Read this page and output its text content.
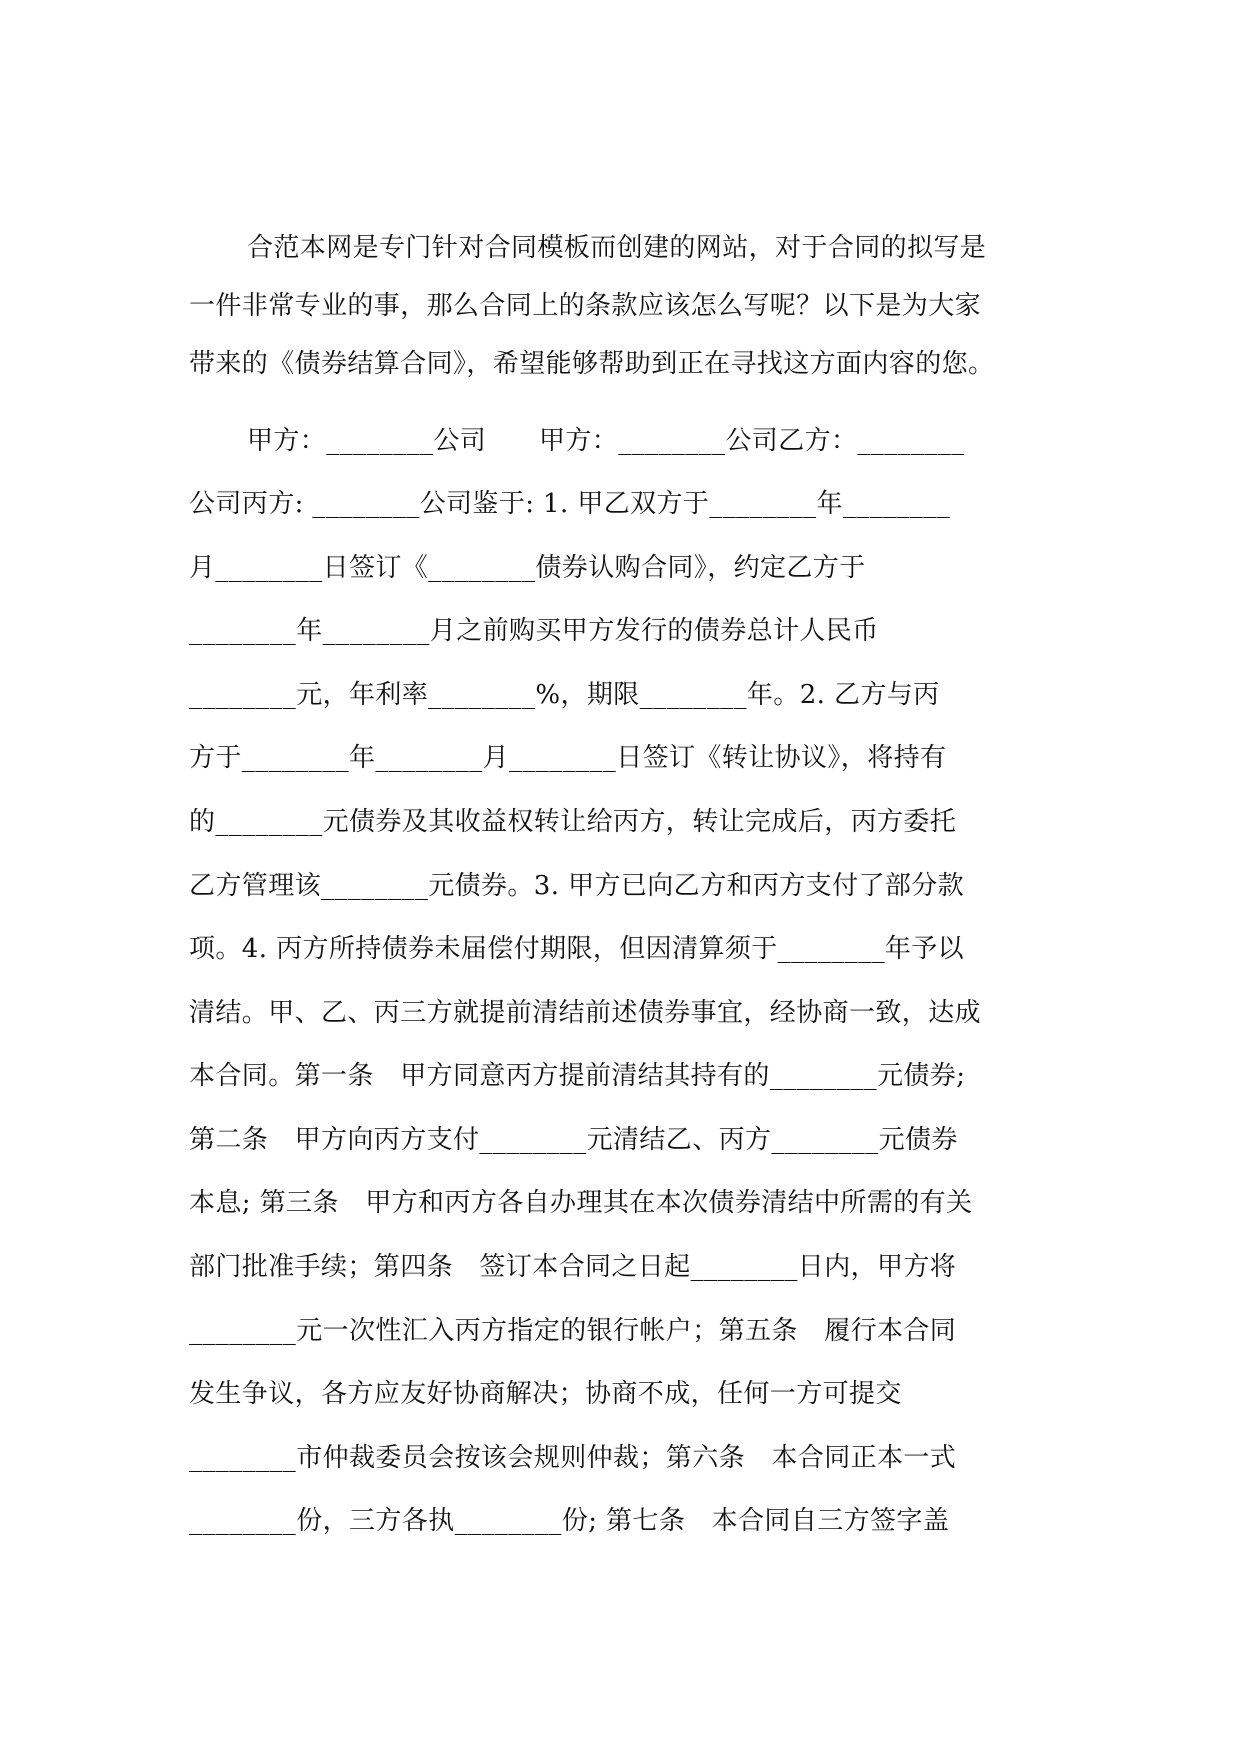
合范本网是专门针对合同模板而创建的网站，对于合同的拟写是
一件非常专业的事，那么合同上的条款应该怎么写呢？以下是为大家
带来的《债券结算合同》，希望能够帮助到正在寻找这方面内容的您。
甲方：________公司　　甲方：________公司乙方：________
公司丙方: ________公司鉴于: 1. 甲乙双方于________年________
月________日签订《________债券认购合同》，约定乙方于
________年________月之前购买甲方发行的债券总计人民币
________元，年利率________%，期限________年。2. 乙方与丙
方于________年________月________日签订《转让协议》，将持有
的________元债券及其收益权转让给丙方，转让完成后，丙方委托
乙方管理该________元债券。3. 甲方已向乙方和丙方支付了部分款
项。4. 丙方所持债券未届偿付期限，但因清算须于________年予以
清结。甲、乙、丙三方就提前清结前述债券事宜，经协商一致，达成
本合同。第一条　甲方同意丙方提前清结其持有的________元债券;
第二条　甲方向丙方支付________元清结乙、丙方________元债券
本息; 第三条　甲方和丙方各自办理其在本次债券清结中所需的有关
部门批准手续；第四条　签订本合同之日起________日内，甲方将
________元一次性汇入丙方指定的银行帐户；第五条　履行本合同
发生争议，各方应友好协商解决；协商不成，任何一方可提交
________市仲裁委员会按该会规则仲裁；第六条　本合同正本一式
________份，三方各执________份; 第七条　本合同自三方签字盖
